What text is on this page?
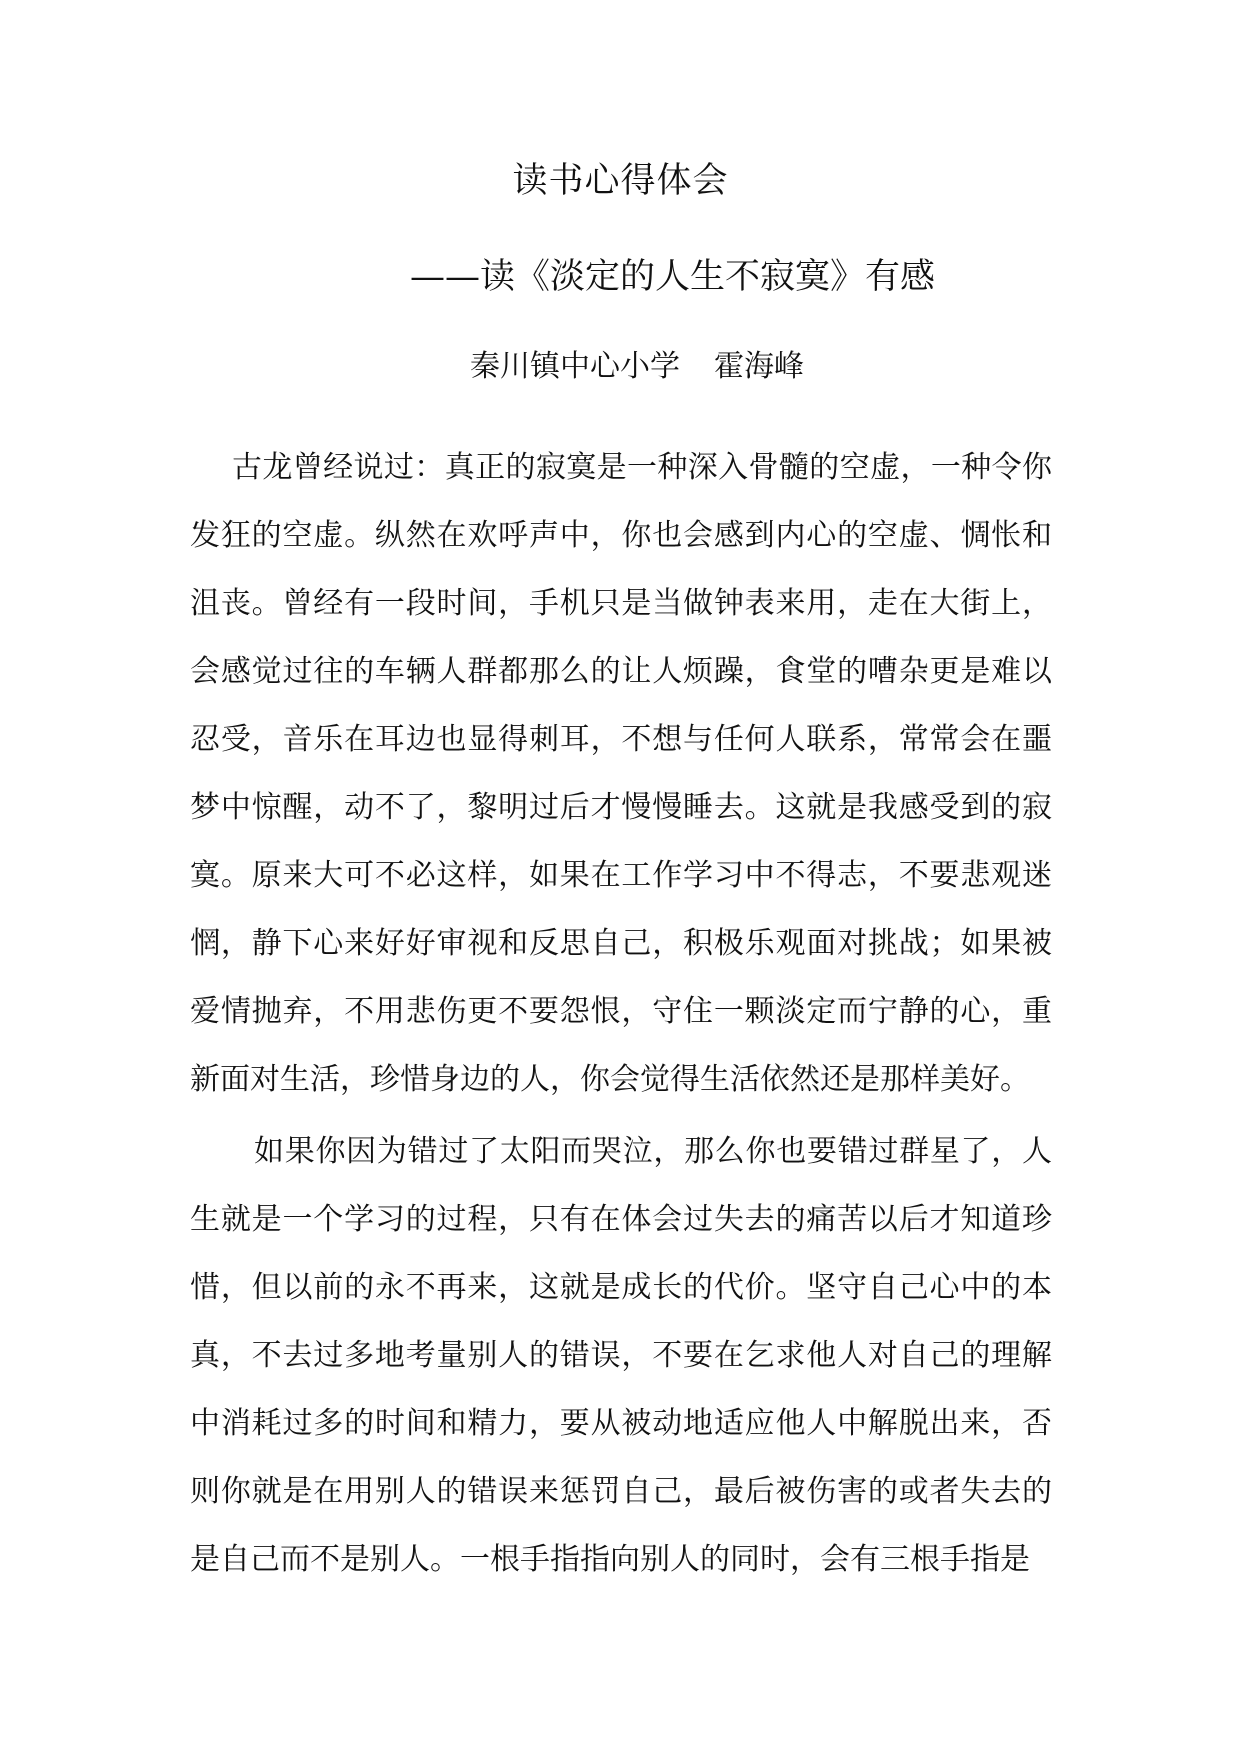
读书心得体会
——读《淡定的人生不寂寞》有感
秦川镇中心小学 霍海峰

古龙曾经说过：真正的寂寞是一种深入骨髓的空虚，一种令你发狂的空虚。纵然在欢呼声中，你也会感到内心的空虚、惆怅和沮丧。曾经有一段时间，手机只是当做钟表来用，走在大街上，会感觉过往的车辆人群都那么的让人烦躁，食堂的嘈杂更是难以忍受，音乐在耳边也显得刺耳，不想与任何人联系，常常会在噩梦中惊醒，动不了，黎明过后才慢慢睡去。这就是我感受到的寂寞。原来大可不必这样，如果在工作学习中不得志，不要悲观迷惘，静下心来好好审视和反思自己，积极乐观面对挑战；如果被爱情抛弃，不用悲伤更不要怨恨，守住一颗淡定而宁静的心，重新面对生活，珍惜身边的人，你会觉得生活依然还是那样美好。

如果你因为错过了太阳而哭泣，那么你也要错过群星了，人生就是一个学习的过程，只有在体会过失去的痛苦以后才知道珍惜，但以前的永不再来，这就是成长的代价。坚守自己心中的本真，不去过多地考量别人的错误，不要在乞求他人对自己的理解中消耗过多的时间和精力，要从被动地适应他人中解脱出来，否则你就是在用别人的错误来惩罚自己，最后被伤害的或者失去的是自己而不是别人。一根手指指向别人的同时，会有三根手指是
